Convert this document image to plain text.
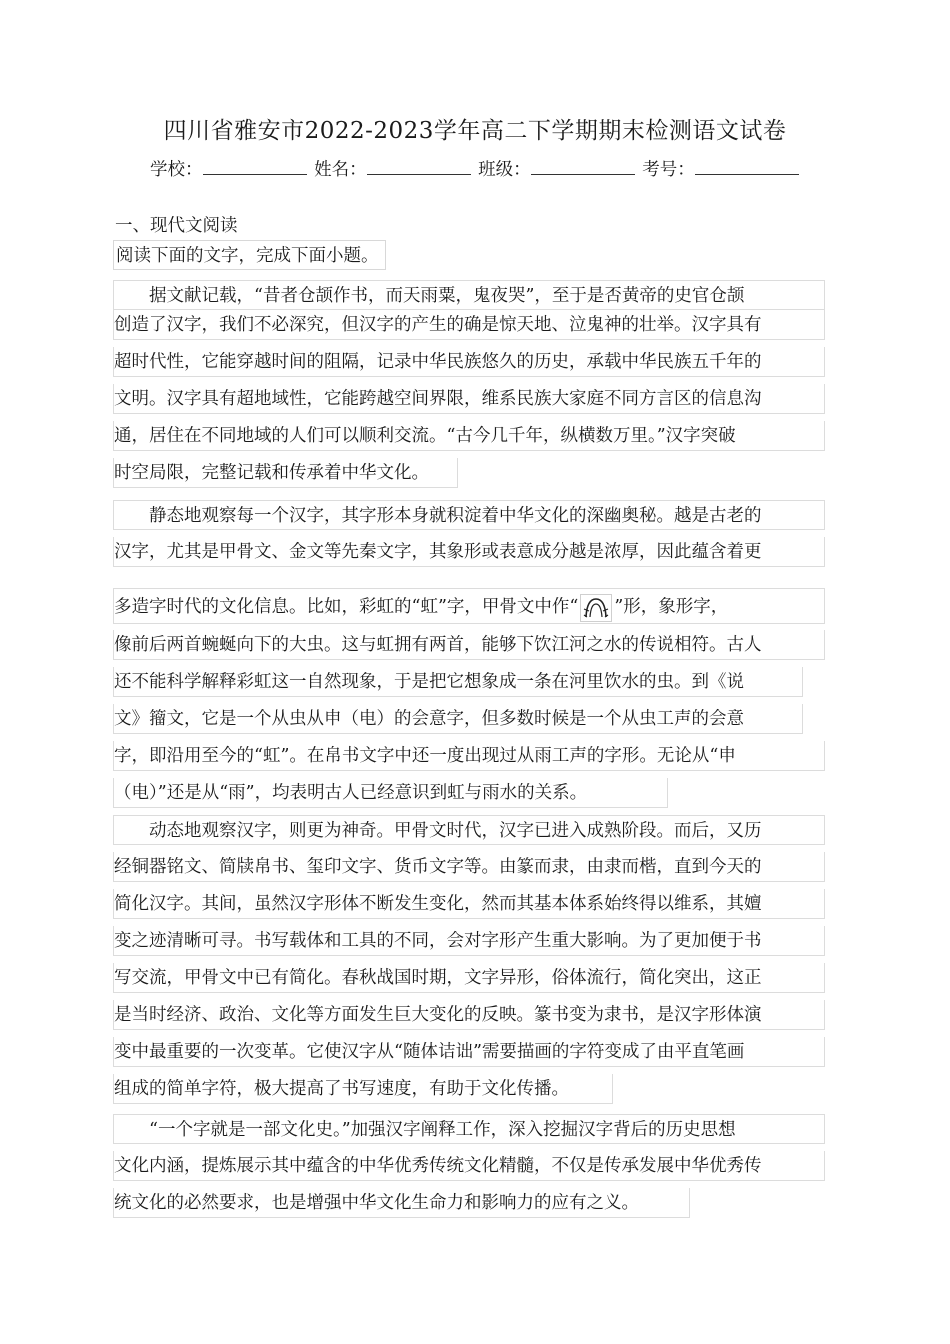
四川省雅安市2022-2023学年高二下学期期末检测语文试卷
学校：	姓名：	班级：	考号：
一、现代文阅读
阅读下面的文字，完成下面小题。
　　据文献记载，“昔者仓颉作书，而天雨粟，鬼夜哭”，至于是否黄帝的史官仓颉
创造了汉字，我们不必深究，但汉字的产生的确是惊天地、泣鬼神的壮举。汉字具有
超时代性，它能穿越时间的阻隔，记录中华民族悠久的历史，承载中华民族五千年的
文明。汉字具有超地域性，它能跨越空间界限，维系民族大家庭不同方言区的信息沟
通，居住在不同地域的人们可以顺利交流。“古今几千年，纵横数万里。”汉字突破
时空局限，完整记载和传承着中华文化。
　　静态地观察每一个汉字，其字形本身就积淀着中华文化的深幽奥秘。越是古老的
汉字，尤其是甲骨文、金文等先秦文字，其象形或表意成分越是浓厚，因此蕴含着更
多造字时代的文化信息。比如，彩虹的“虹”字，甲骨文中作“ ”形，象形字，
像前后两首蜿蜒向下的大虫。这与虹拥有两首，能够下饮江河之水的传说相符。古人
还不能科学解释彩虹这一自然现象，于是把它想象成一条在河里饮水的虫。到《说
文》籀文，它是一个从虫从申（电）的会意字，但多数时候是一个从虫工声的会意
字，即沿用至今的“虹”。在帛书文字中还一度出现过从雨工声的字形。无论从“申
（电）”还是从“雨”，均表明古人已经意识到虹与雨水的关系。
　　动态地观察汉字，则更为神奇。甲骨文时代，汉字已进入成熟阶段。而后，又历
经铜器铭文、简牍帛书、玺印文字、货币文字等。由篆而隶，由隶而楷，直到今天的
简化汉字。其间，虽然汉字形体不断发生变化，然而其基本体系始终得以维系，其嬗
变之迹清晰可寻。书写载体和工具的不同，会对字形产生重大影响。为了更加便于书
写交流，甲骨文中已有简化。春秋战国时期，文字异形，俗体流行，简化突出，这正
是当时经济、政治、文化等方面发生巨大变化的反映。篆书变为隶书，是汉字形体演
变中最重要的一次变革。它使汉字从“随体诘诎”需要描画的字符变成了由平直笔画
组成的简单字符，极大提高了书写速度，有助于文化传播。
　　“一个字就是一部文化史。”加强汉字阐释工作，深入挖掘汉字背后的历史思想
文化内涵，提炼展示其中蕴含的中华优秀传统文化精髓，不仅是传承发展中华优秀传
统文化的必然要求，也是增强中华文化生命力和影响力的应有之义。
